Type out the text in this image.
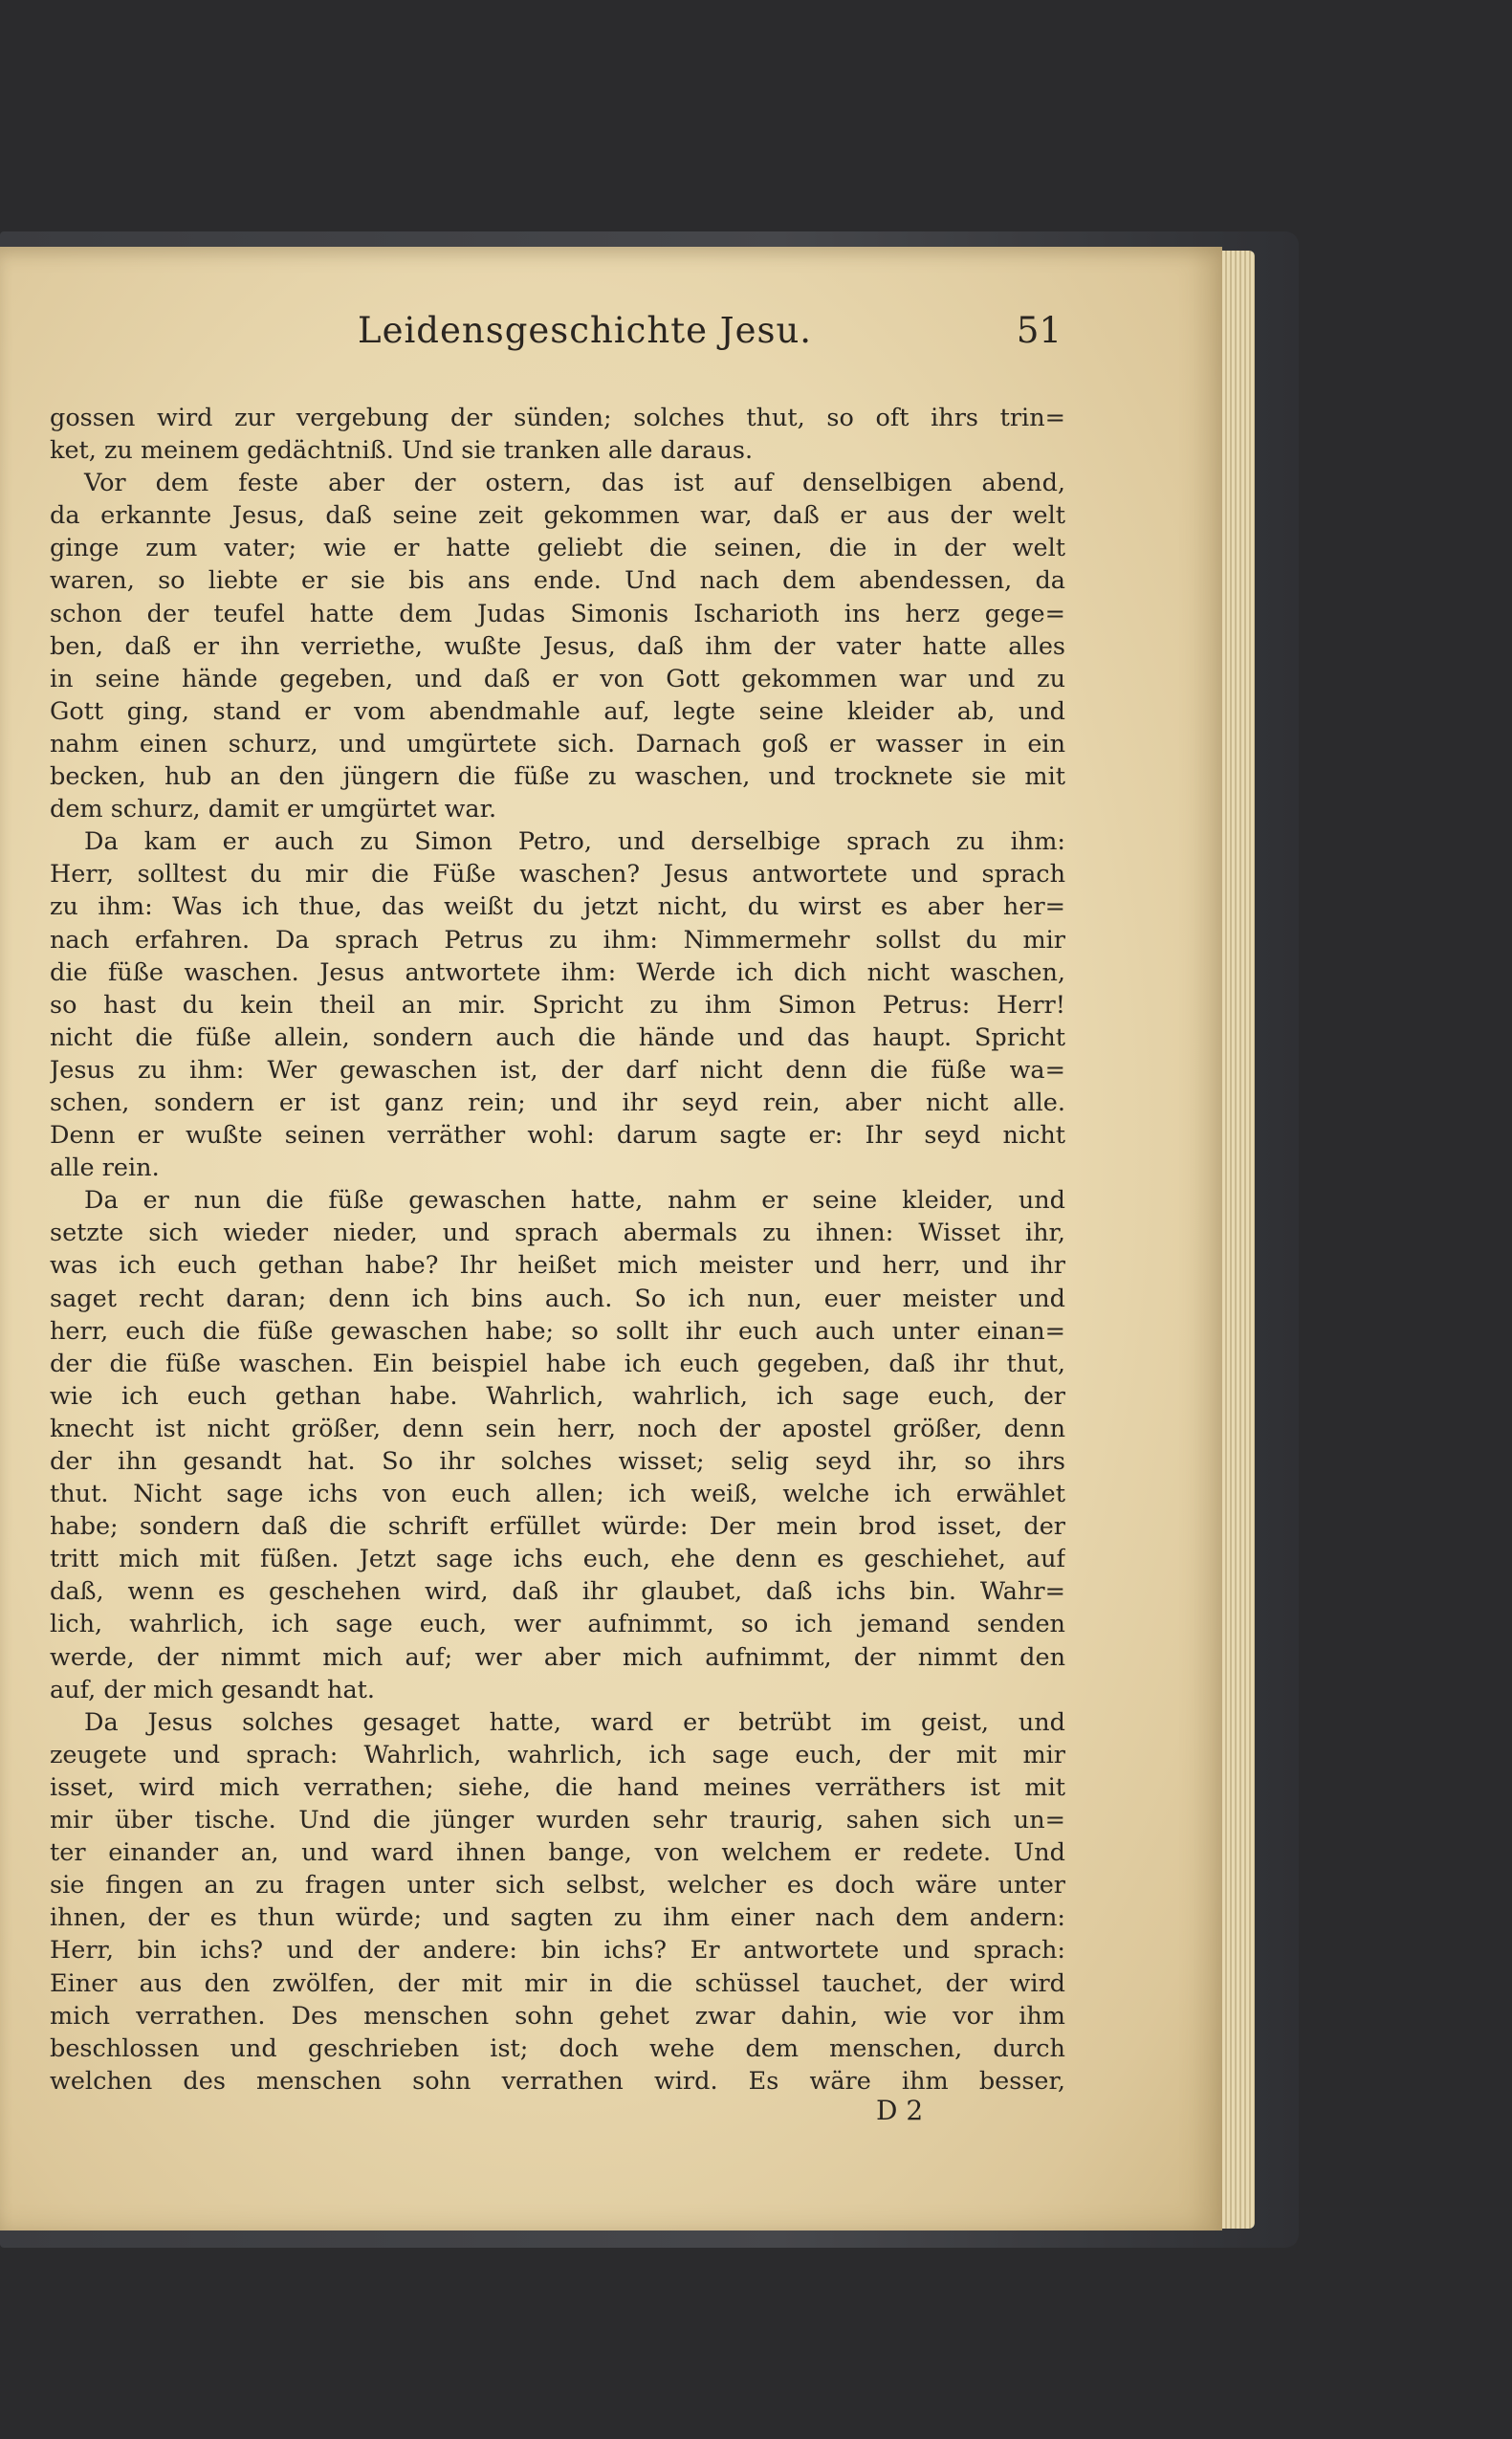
Leidensgeschichte Jesu.	51
gossen wird zur vergebung der sünden; solches thut, so oft ihrs trin=
ket, zu meinem gedächtniß. Und sie tranken alle daraus.
Vor dem feste aber der ostern, das ist auf denselbigen abend,
da erkannte Jesus, daß seine zeit gekommen war, daß er aus der welt
ginge zum vater; wie er hatte geliebt die seinen, die in der welt
waren, so liebte er sie bis ans ende. Und nach dem abendessen, da
schon der teufel hatte dem Judas Simonis Ischarioth ins herz gege=
ben, daß er ihn verriethe, wußte Jesus, daß ihm der vater hatte alles
in seine hände gegeben, und daß er von Gott gekommen war und zu
Gott ging, stand er vom abendmahle auf, legte seine kleider ab, und
nahm einen schurz, und umgürtete sich. Darnach goß er wasser in ein
becken, hub an den jüngern die füße zu waschen, und trocknete sie mit
dem schurz, damit er umgürtet war.
Da kam er auch zu Simon Petro, und derselbige sprach zu ihm:
Herr, solltest du mir die Füße waschen? Jesus antwortete und sprach
zu ihm: Was ich thue, das weißt du jetzt nicht, du wirst es aber her=
nach erfahren. Da sprach Petrus zu ihm: Nimmermehr sollst du mir
die füße waschen. Jesus antwortete ihm: Werde ich dich nicht waschen,
so hast du kein theil an mir. Spricht zu ihm Simon Petrus: Herr!
nicht die füße allein, sondern auch die hände und das haupt. Spricht
Jesus zu ihm: Wer gewaschen ist, der darf nicht denn die füße wa=
schen, sondern er ist ganz rein; und ihr seyd rein, aber nicht alle.
Denn er wußte seinen verräther wohl: darum sagte er: Ihr seyd nicht
alle rein.
Da er nun die füße gewaschen hatte, nahm er seine kleider, und
setzte sich wieder nieder, und sprach abermals zu ihnen: Wisset ihr,
was ich euch gethan habe? Ihr heißet mich meister und herr, und ihr
saget recht daran; denn ich bins auch. So ich nun, euer meister und
herr, euch die füße gewaschen habe; so sollt ihr euch auch unter einan=
der die füße waschen. Ein beispiel habe ich euch gegeben, daß ihr thut,
wie ich euch gethan habe. Wahrlich, wahrlich, ich sage euch, der
knecht ist nicht größer, denn sein herr, noch der apostel größer, denn
der ihn gesandt hat. So ihr solches wisset; selig seyd ihr, so ihrs
thut. Nicht sage ichs von euch allen; ich weiß, welche ich erwählet
habe; sondern daß die schrift erfüllet würde: Der mein brod isset, der
tritt mich mit füßen. Jetzt sage ichs euch, ehe denn es geschiehet, auf
daß, wenn es geschehen wird, daß ihr glaubet, daß ichs bin. Wahr=
lich, wahrlich, ich sage euch, wer aufnimmt, so ich jemand senden
werde, der nimmt mich auf; wer aber mich aufnimmt, der nimmt den
auf, der mich gesandt hat.
Da Jesus solches gesaget hatte, ward er betrübt im geist, und
zeugete und sprach: Wahrlich, wahrlich, ich sage euch, der mit mir
isset, wird mich verrathen; siehe, die hand meines verräthers ist mit
mir über tische. Und die jünger wurden sehr traurig, sahen sich un=
ter einander an, und ward ihnen bange, von welchem er redete. Und
sie fingen an zu fragen unter sich selbst, welcher es doch wäre unter
ihnen, der es thun würde; und sagten zu ihm einer nach dem andern:
Herr, bin ichs? und der andere: bin ichs? Er antwortete und sprach:
Einer aus den zwölfen, der mit mir in die schüssel tauchet, der wird
mich verrathen. Des menschen sohn gehet zwar dahin, wie vor ihm
beschlossen und geschrieben ist; doch wehe dem menschen, durch
welchen des menschen sohn verrathen wird. Es wäre ihm besser,
D 2
